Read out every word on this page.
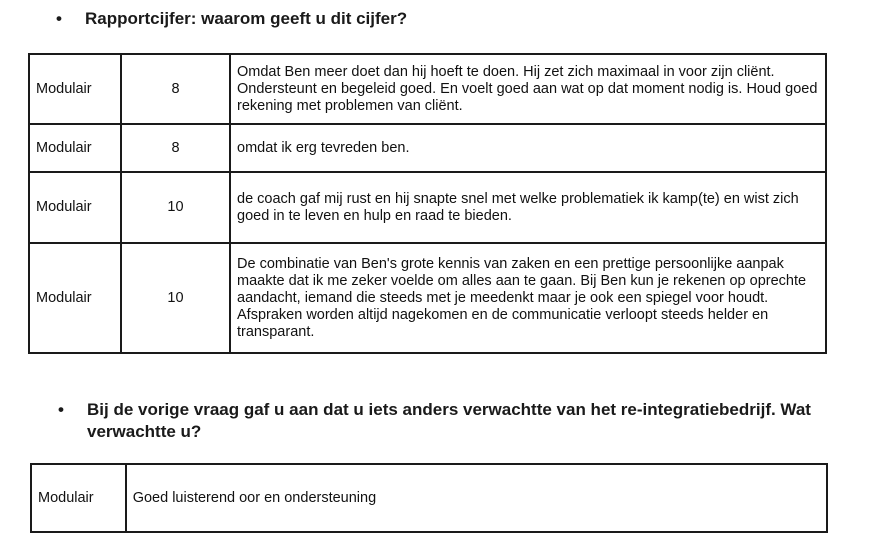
• Rapportcijfer: waarom geeft u dit cijfer?
Modulair	8	Omdat Ben meer doet dan hij hoeft te doen. Hij zet zich maximaal in voor zijn cliënt. Ondersteunt en begeleid goed. En voelt goed aan wat op dat moment nodig is. Houd goed rekening met problemen van cliënt.
Modulair	8	omdat ik erg tevreden ben.
Modulair	10	de coach gaf mij rust en hij snapte snel met welke problematiek ik kamp(te) en wist zich goed in te leven en hulp en raad te bieden.
Modulair	10	De combinatie van Ben's grote kennis van zaken en een prettige persoonlijke aanpak maakte dat ik me zeker voelde om alles aan te gaan. Bij Ben kun je rekenen op oprechte aandacht, iemand die steeds met je meedenkt maar je ook een spiegel voor houdt. Afspraken worden altijd nagekomen en de communicatie verloopt steeds helder en transparant.
• Bij de vorige vraag gaf u aan dat u iets anders verwachtte van het re-integratiebedrijf. Wat verwachtte u?
Modulair	Goed luisterend oor en ondersteuning
